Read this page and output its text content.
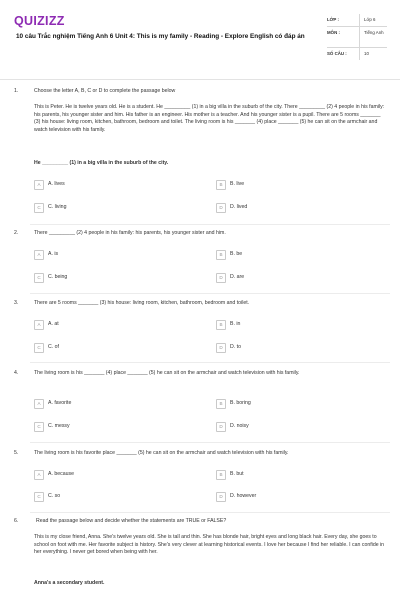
QUIZIZZ
10 câu Trắc nghiệm Tiếng Anh 6 Unit 4: This is my family - Reading - Explore English có đáp án
LỚP :	Lớp 6
MÔN :	Tiếng Anh
SỐ CÂU :	10
1.	Choose the letter A, B, C or D to complete the passage below
This is Peter. He is twelve years old. He is a student. He _________ (1) in a big villa in the suburb of the city. There _________ (2) 4 people in his family: his parents, his younger sister and him. His father is an engineer. His mother is a teacher. And his younger sister is a pupil. There are 5 rooms _______ (3) his house: living room, kitchen, bathroom, bedroom and toilet. The living room is his _______ (4) place _______ (5) he can sit on the armchair and watch television with his family.
He _________ (1) in a big villa in the suburb of the city.
A	A. lives	B	B. live
C	C. living	D	D. lived
2.	There _________ (2) 4 people in his family: his parents, his younger sister and him.
A	A. is	B	B. be
C	C. being	D	D. are
3.	There are 5 rooms _______ (3) his house: living room, kitchen, bathroom, bedroom and toilet.
A	A. at	B	B. in
C	C. of	D	D. to
4.	The living room is his _______ (4) place _______ (5) he can sit on the armchair and watch television with his family.
A	A. favorite	B	B. boring
C	C. messy	D	D. noisy
5.	The living room is his favorite place _______ (5) he can sit on the armchair and watch television with his family.
A	A. because	B	B. but
C	C. so	D	D. however
6.	Read the passage below and decide whether the statements are TRUE or FALSE?
This is my close friend, Anna. She's twelve years old. She is tall and thin. She has blonde hair, bright eyes and long black hair. Every day, she goes to school on foot with me. Her favorite subject is history. She's very clever at learning historical events. I love her because I find her reliable. I can confide in her everything. I never get bored when being with her.
Anna's a secondary student.
